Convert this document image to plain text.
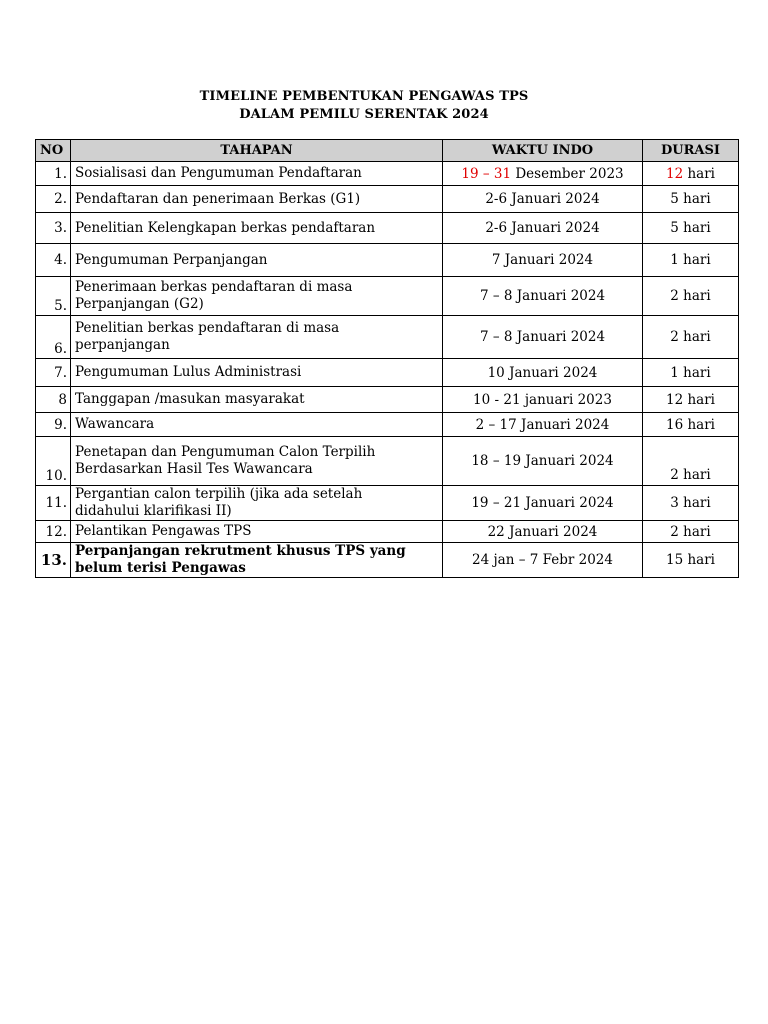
TIMELINE PEMBENTUKAN PENGAWAS TPS
DALAM PEMILU SERENTAK 2024
NO	TAHAPAN	WAKTU INDO	DURASI
1.	Sosialisasi dan Pengumuman Pendaftaran	19 – 31 Desember 2023	12 hari
2.	Pendaftaran dan penerimaan Berkas (G1)	2-6 Januari 2024	5 hari
3.	Penelitian Kelengkapan berkas pendaftaran	2-6 Januari 2024	5 hari
4.	Pengumuman Perpanjangan	7 Januari 2024	1 hari
5.	Penerimaan berkas pendaftaran di masa
Perpanjangan (G2)	7 – 8 Januari 2024	2 hari
6.	Penelitian berkas pendaftaran di masa
perpanjangan	7 – 8 Januari 2024	2 hari
7.	Pengumuman Lulus Administrasi	10 Januari 2024	1 hari
8	Tanggapan /masukan masyarakat	10 - 21 januari 2023	12 hari
9.	Wawancara	2 – 17 Januari 2024	16 hari
10.	Penetapan dan Pengumuman Calon Terpilih
Berdasarkan Hasil Tes Wawancara	18 – 19 Januari 2024	2 hari
11.	Pergantian calon terpilih (jika ada setelah
didahului klarifikasi II)	19 – 21 Januari 2024	3 hari
12.	Pelantikan Pengawas TPS	22 Januari 2024	2 hari
13.	Perpanjangan rekrutment khusus TPS yang
belum terisi Pengawas	24 jan – 7 Febr 2024	15 hari
